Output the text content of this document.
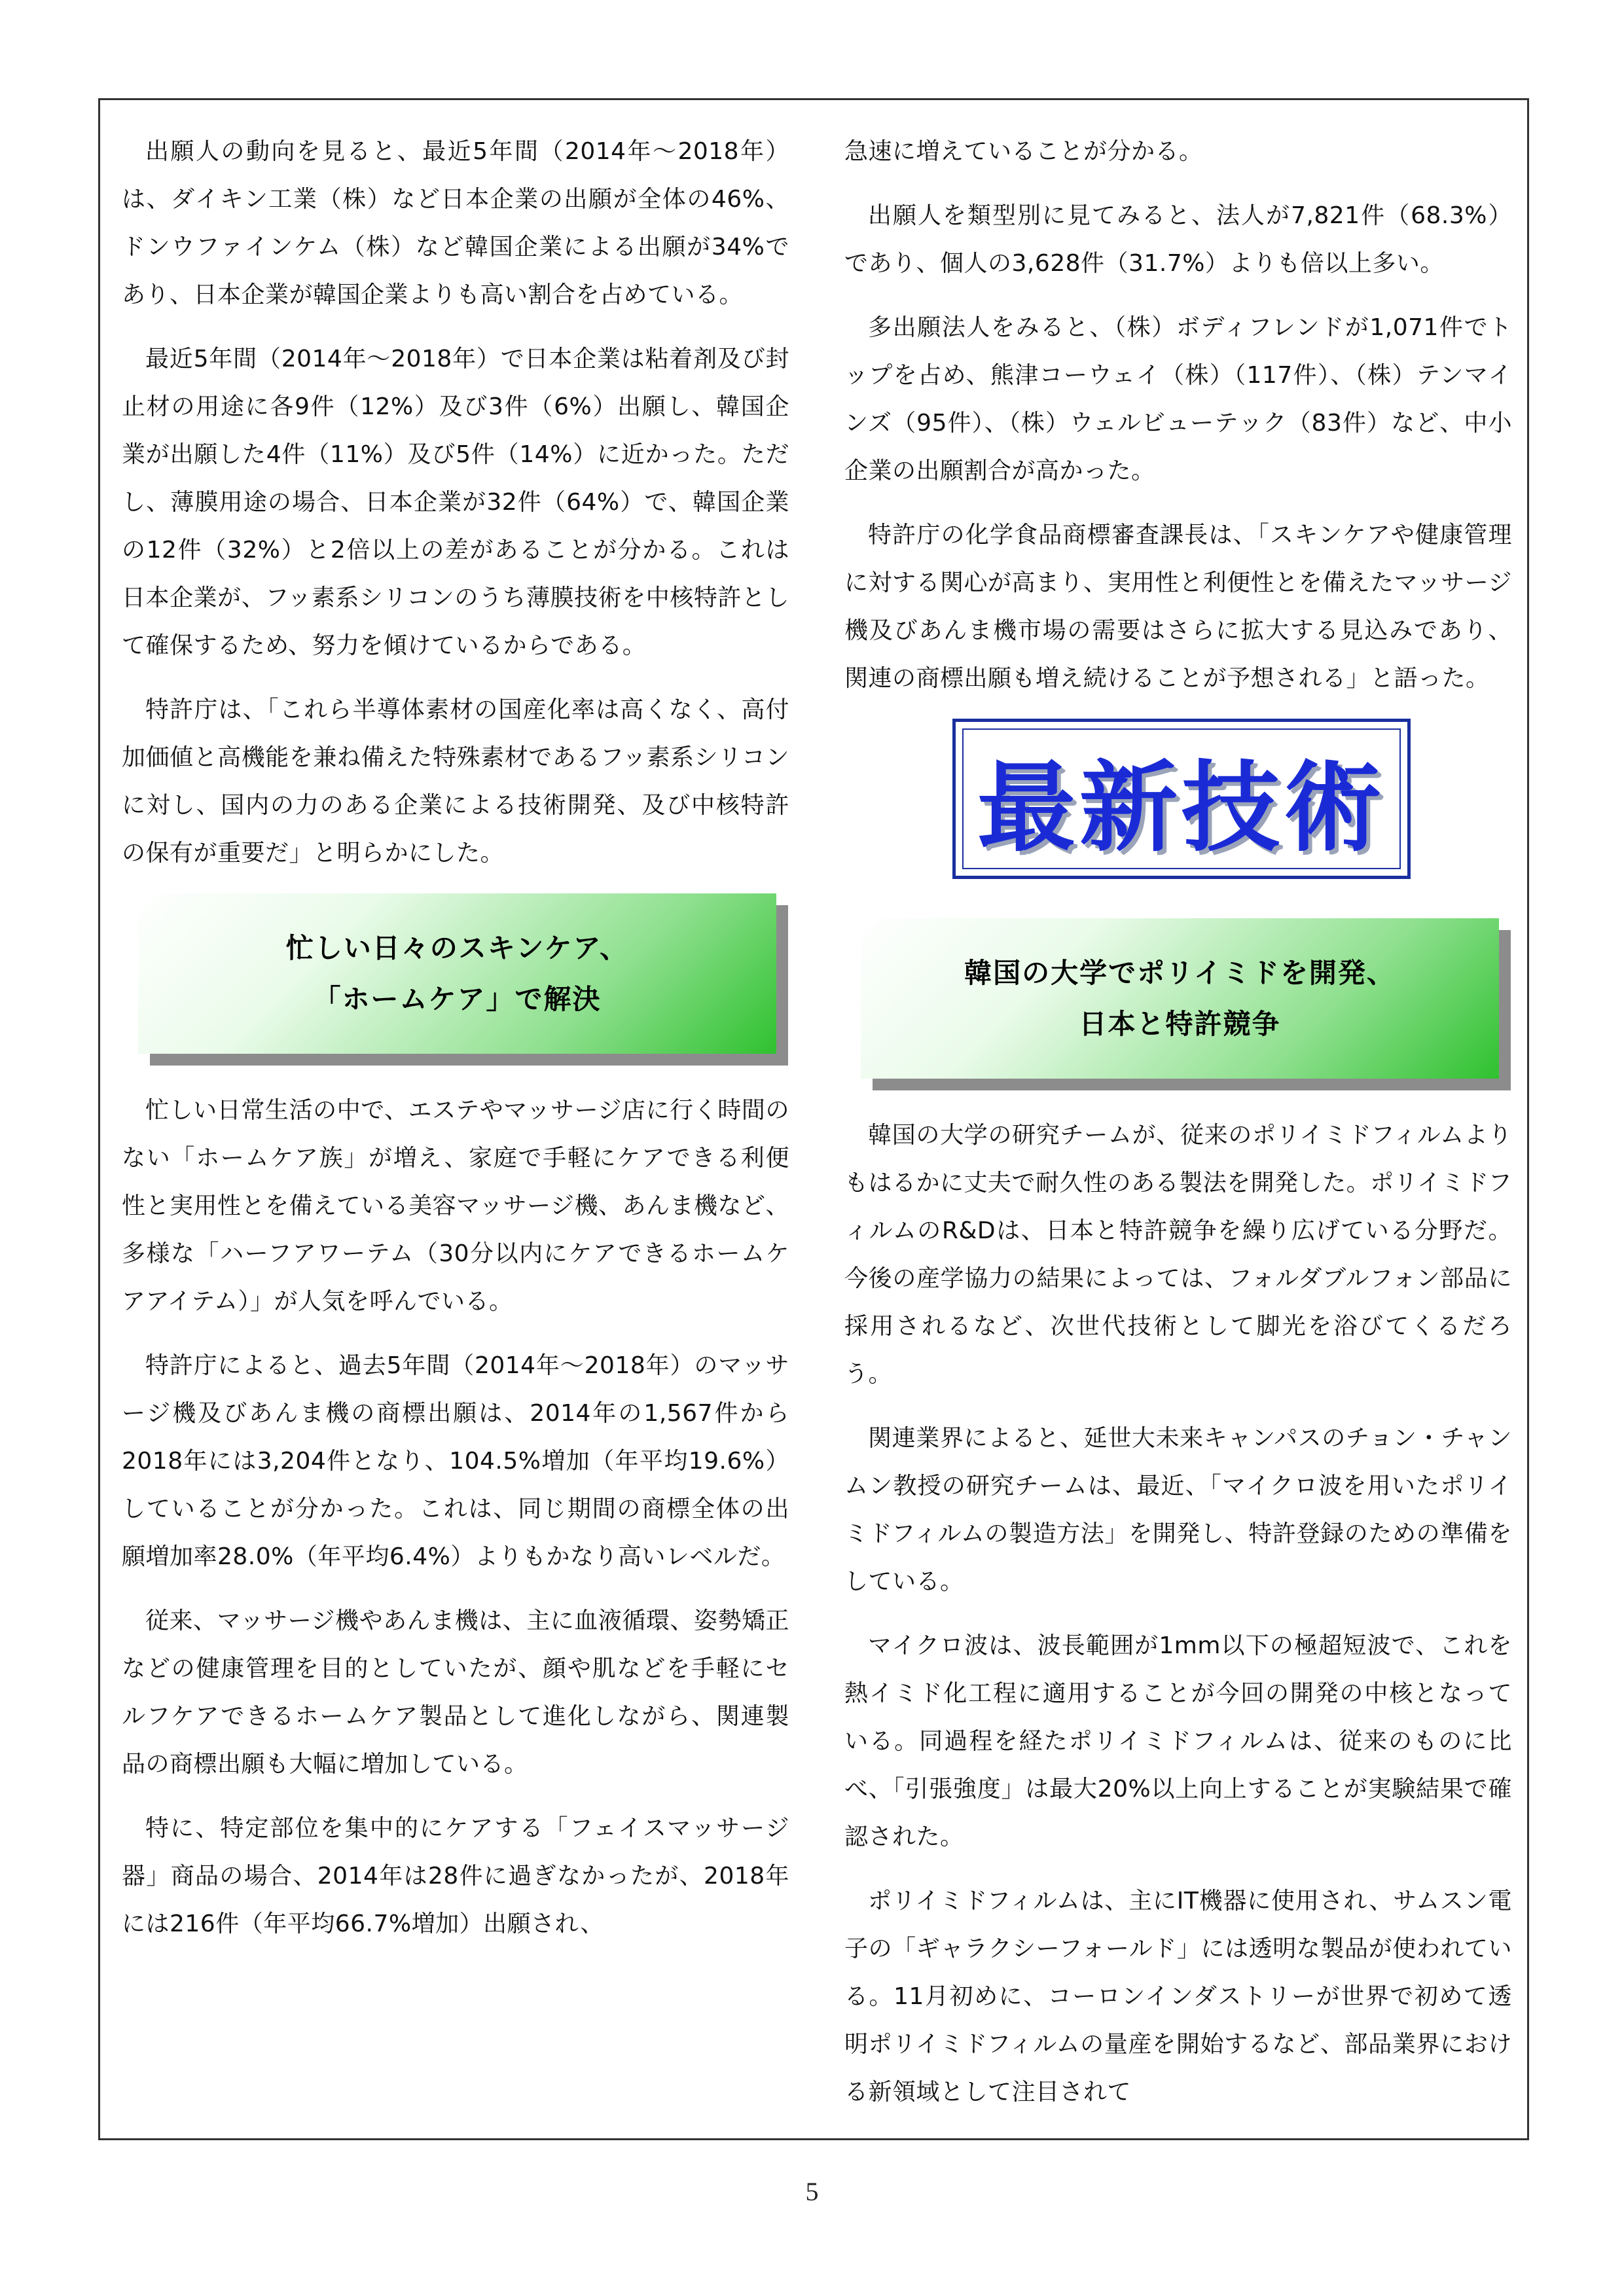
出願人の動向を見ると、最近5年間（2014年〜2018年）は、ダイキン工業（株）など日本企業の出願が全体の46%、ドンウファインケム（株）など韓国企業による出願が34%であり、日本企業が韓国企業よりも高い割合を占めている。

最近5年間（2014年〜2018年）で日本企業は粘着剤及び封止材の用途に各9件（12%）及び3件（6%）出願し、韓国企業が出願した4件（11%）及び5件（14%）に近かった。ただし、薄膜用途の場合、日本企業が32件（64%）で、韓国企業の12件（32%）と2倍以上の差があることが分かる。これは日本企業が、フッ素系シリコンのうち薄膜技術を中核特許として確保するため、努力を傾けているからである。

特許庁は、「これら半導体素材の国産化率は高くなく、高付加価値と高機能を兼ね備えた特殊素材であるフッ素系シリコンに対し、国内の力のある企業による技術開発、及び中核特許の保有が重要だ」と明らかにした。

忙しい日々のスキンケア、
「ホームケア」で解決

忙しい日常生活の中で、エステやマッサージ店に行く時間のない「ホームケア族」が増え、家庭で手軽にケアできる利便性と実用性とを備えている美容マッサージ機、あんま機など、多様な「ハーフアワーテム（30分以内にケアできるホームケアアイテム）」が人気を呼んでいる。

特許庁によると、過去5年間（2014年〜2018年）のマッサージ機及びあんま機の商標出願は、2014年の1,567件から2018年には3,204件となり、104.5%増加（年平均19.6%）していることが分かった。これは、同じ期間の商標全体の出願増加率28.0%（年平均6.4%）よりもかなり高いレベルだ。

従来、マッサージ機やあんま機は、主に血液循環、姿勢矯正などの健康管理を目的としていたが、顔や肌などを手軽にセルフケアできるホームケア製品として進化しながら、関連製品の商標出願も大幅に増加している。

特に、特定部位を集中的にケアする「フェイスマッサージ器」商品の場合、2014年は28件に過ぎなかったが、2018年には216件（年平均66.7%増加）出願され、

急速に増えていることが分かる。

出願人を類型別に見てみると、法人が7,821件（68.3%）であり、個人の3,628件（31.7%）よりも倍以上多い。

多出願法人をみると、（株）ボディフレンドが1,071件でトップを占め、熊津コーウェイ（株）（117件）、（株）テンマインズ（95件）、（株）ウェルビューテック（83件）など、中小企業の出願割合が高かった。

特許庁の化学食品商標審査課長は、「スキンケアや健康管理に対する関心が高まり、実用性と利便性とを備えたマッサージ機及びあんま機市場の需要はさらに拡大する見込みであり、関連の商標出願も増え続けることが予想される」と語った。

最新技術
韓国の大学でポリイミドを開発、
日本と特許競争

韓国の大学の研究チームが、従来のポリイミドフィルムよりもはるかに丈夫で耐久性のある製法を開発した。ポリイミドフィルムのR&Dは、日本と特許競争を繰り広げている分野だ。今後の産学協力の結果によっては、フォルダブルフォン部品に採用されるなど、次世代技術として脚光を浴びてくるだろう。

関連業界によると、延世大未来キャンパスのチョン・チャンムン教授の研究チームは、最近、「マイクロ波を用いたポリイミドフィルムの製造方法」を開発し、特許登録のための準備をしている。

マイクロ波は、波長範囲が1mm以下の極超短波で、これを熱イミド化工程に適用することが今回の開発の中核となっている。同過程を経たポリイミドフィルムは、従来のものに比べ、「引張強度」は最大20%以上向上することが実験結果で確認された。

ポリイミドフィルムは、主にIT機器に使用され、サムスン電子の「ギャラクシーフォールド」には透明な製品が使われている。11月初めに、コーロンインダストリーが世界で初めて透明ポリイミドフィルムの量産を開始するなど、部品業界における新領域として注目されて

5
